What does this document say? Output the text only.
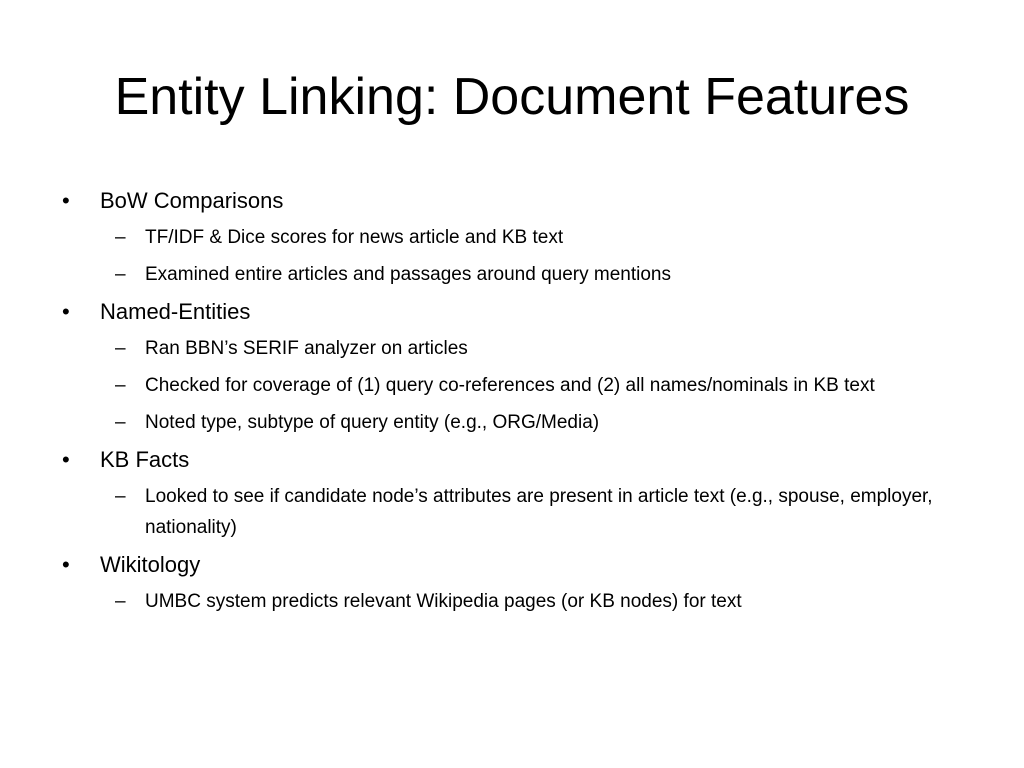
Entity Linking: Document Features
•	BoW Comparisons
– TF/IDF & Dice scores for news article and KB text
– Examined entire articles and passages around query mentions
•	Named-Entities
– Ran BBN’s SERIF analyzer on articles
– Checked for coverage of (1) query co-references and (2) all names/nominals in KB text
– Noted type, subtype of query entity (e.g., ORG/Media)
•	KB Facts
– Looked to see if candidate node’s attributes are present in article text (e.g., spouse, employer, nationality)
•	Wikitology
– UMBC system predicts relevant Wikipedia pages (or KB nodes) for text
